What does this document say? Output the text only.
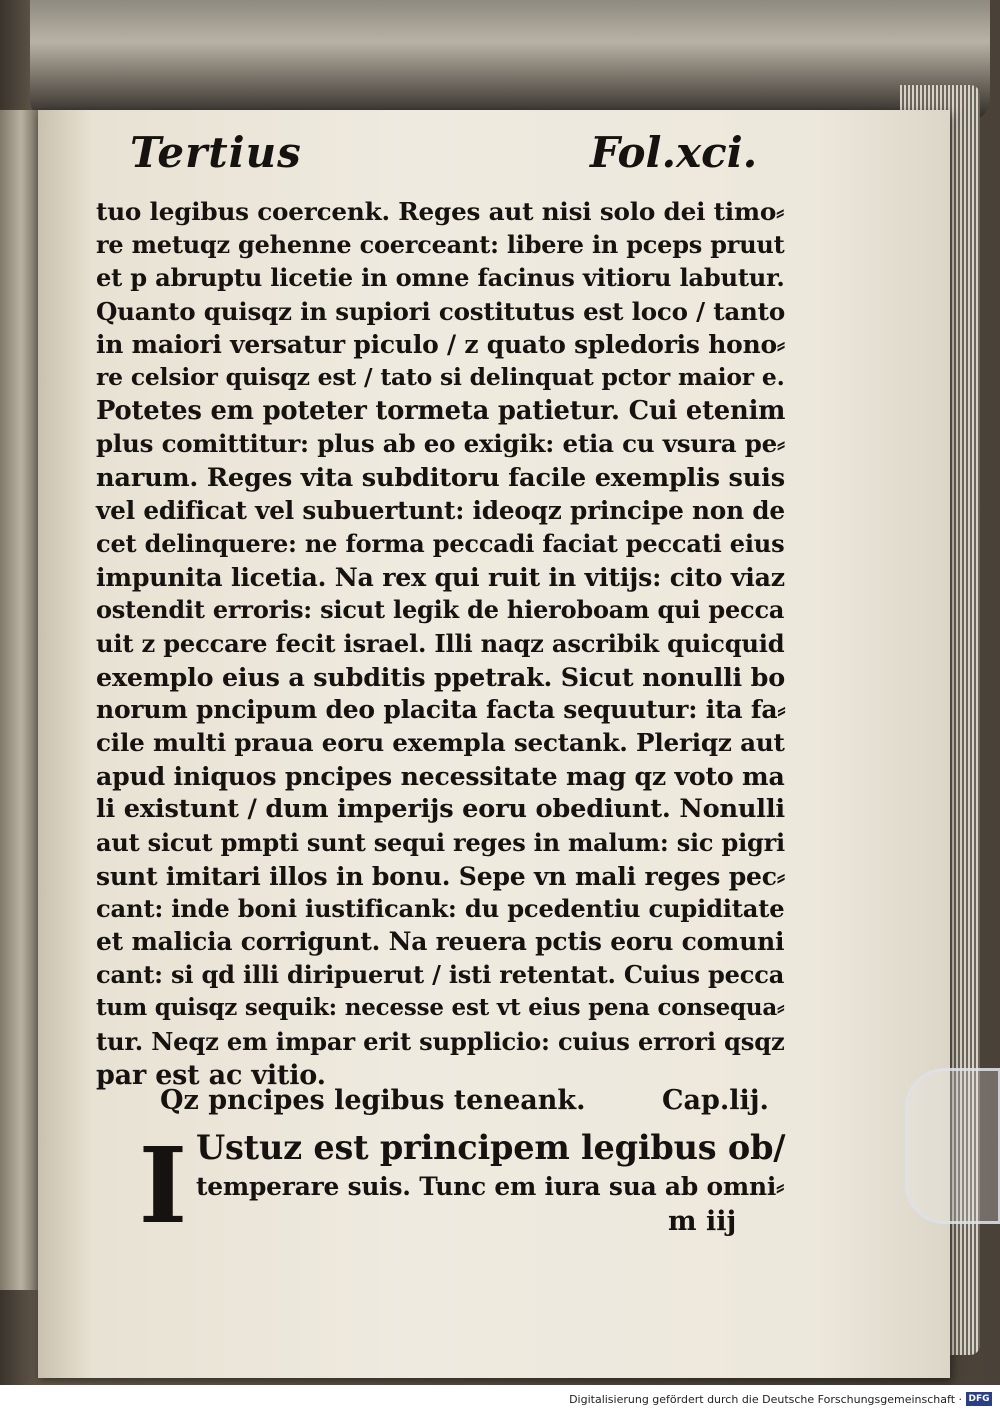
Tertius	Fol.xci.
tuo legibus coercenk. Reges aut nisi solo dei timo⸗
re metuqz gehenne coerceant: libere in pceps pruut
et p abruptu licetie in omne facinus vitioru labutur.
Quanto quisqz in supiori costitutus est loco / tanto
in maiori versatur piculo / z quato spledoris hono⸗
re celsior quisqz est / tato si delinquat pctor maior e.
Potetes em poteter tormeta patietur. Cui etenim
plus comittitur: plus ab eo exigik: etia cu vsura pe⸗
narum. Reges vita subditoru facile exemplis suis
vel edificat vel subuertunt: ideoqz principe non de
cet delinquere: ne forma peccadi faciat peccati eius
impunita licetia. Na rex qui ruit in vitijs: cito viaz
ostendit erroris: sicut legik de hieroboam qui pecca
uit z peccare fecit israel. Illi naqz ascribik quicquid
exemplo eius a subditis ppetrak. Sicut nonulli bo
norum pncipum deo placita facta sequutur: ita fa⸗
cile multi praua eoru exempla sectank. Pleriqz aut
apud iniquos pncipes necessitate mag qz voto ma
li existunt / dum imperijs eoru obediunt. Nonulli
aut sicut pmpti sunt sequi reges in malum: sic pigri
sunt imitari illos in bonu. Sepe vn mali reges pec⸗
cant: inde boni iustificank: du pcedentiu cupiditate
et malicia corrigunt. Na reuera pctis eoru comuni
cant: si qd illi diripuerut / isti retentat. Cuius pecca
tum quisqz sequik: necesse est vt eius pena consequa⸗
tur. Neqz em impar erit supplicio: cuius errori qsqz
par est ac vitio.
Qz pncipes legibus teneank.	Cap.lij.
I Ustuz est principem legibus ob/
temperare suis. Tunc em iura sua ab omni⸗
m iij
Digitalisierung gefördert durch die Deutsche Forschungsgemeinschaft · DFG
